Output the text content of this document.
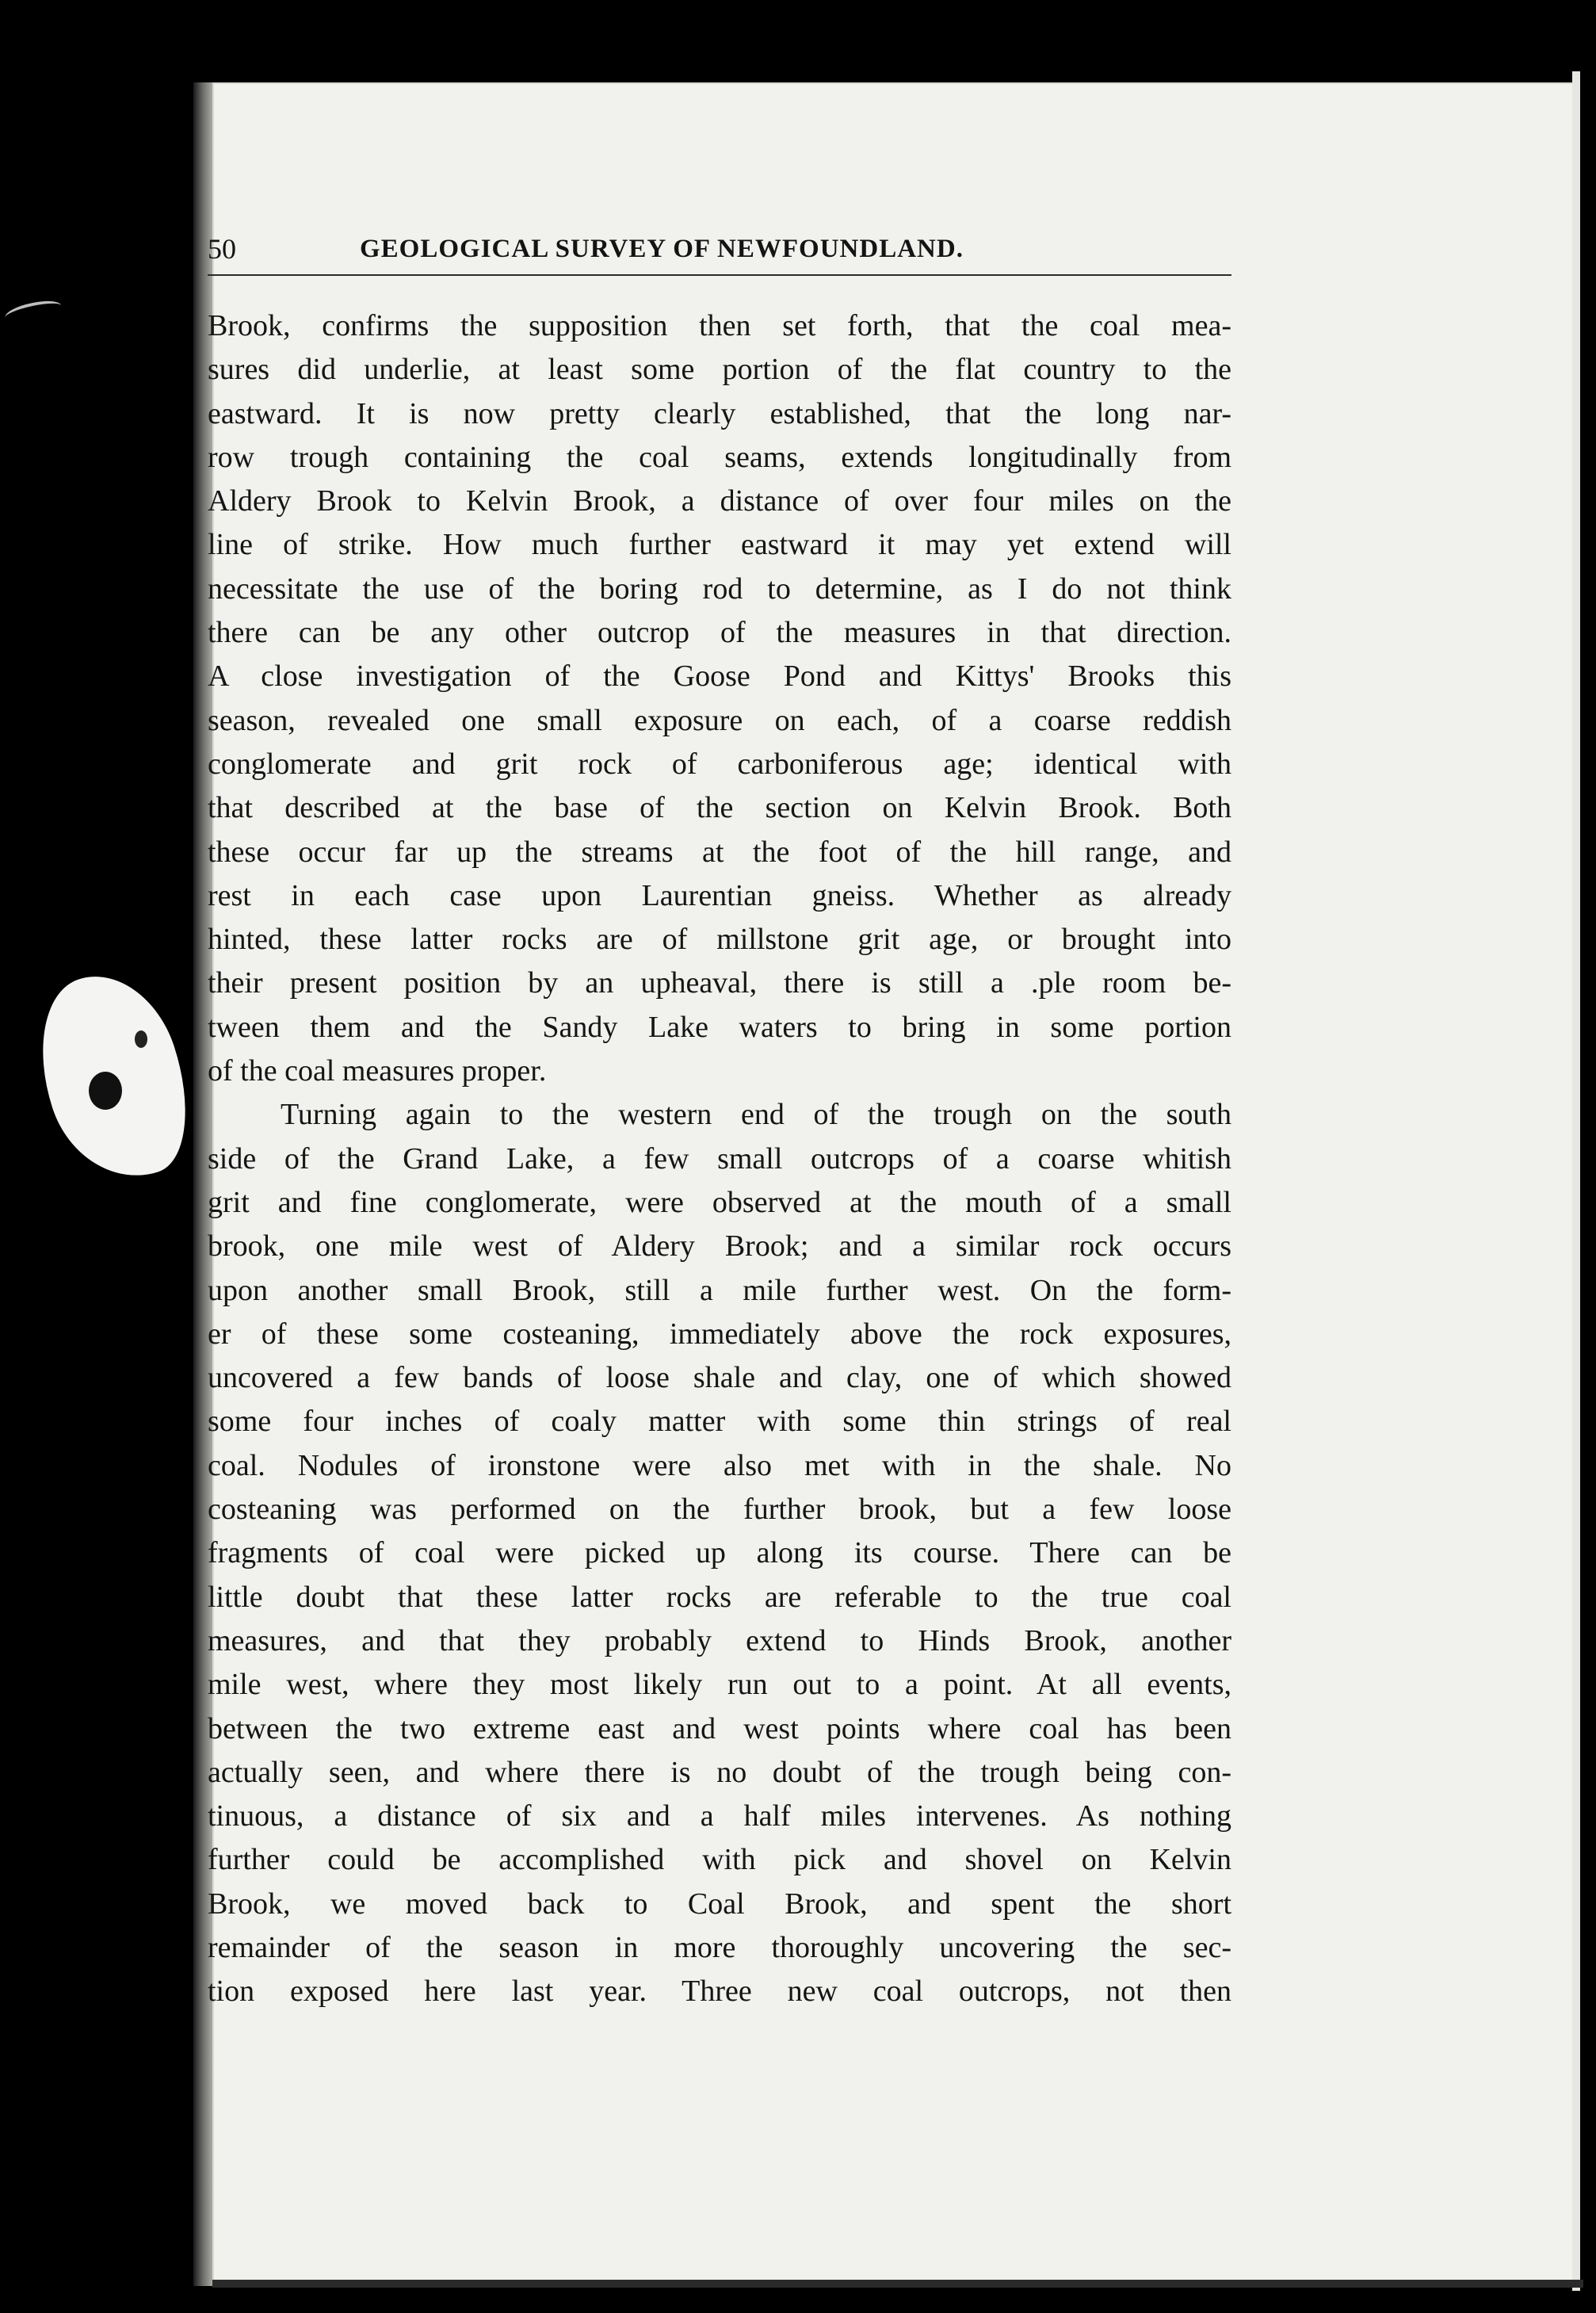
50	GEOLOGICAL SURVEY OF NEWFOUNDLAND.
Brook, confirms the supposition then set forth, that the coal mea-
sures did underlie, at least some portion of the flat country to the
eastward. It is now pretty clearly established, that the long nar-
row trough containing the coal seams, extends longitudinally from
Aldery Brook to Kelvin Brook, a distance of over four miles on the
line of strike. How much further eastward it may yet extend will
necessitate the use of the boring rod to determine, as I do not think
there can be any other outcrop of the measures in that direction.
A close investigation of the Goose Pond and Kittys' Brooks this
season, revealed one small exposure on each, of a coarse reddish
conglomerate and grit rock of carboniferous age; identical with
that described at the base of the section on Kelvin Brook. Both
these occur far up the streams at the foot of the hill range, and
rest in each case upon Laurentian gneiss. Whether as already
hinted, these latter rocks are of millstone grit age, or brought into
their present position by an upheaval, there is still a .ple room be-
tween them and the Sandy Lake waters to bring in some portion
of the coal measures proper.
Turning again to the western end of the trough on the south
side of the Grand Lake, a few small outcrops of a coarse whitish
grit and fine conglomerate, were observed at the mouth of a small
brook, one mile west of Aldery Brook; and a similar rock occurs
upon another small Brook, still a mile further west. On the form-
er of these some costeaning, immediately above the rock exposures,
uncovered a few bands of loose shale and clay, one of which showed
some four inches of coaly matter with some thin strings of real
coal. Nodules of ironstone were also met with in the shale. No
costeaning was performed on the further brook, but a few loose
fragments of coal were picked up along its course. There can be
little doubt that these latter rocks are referable to the true coal
measures, and that they probably extend to Hinds Brook, another
mile west, where they most likely run out to a point. At all events,
between the two extreme east and west points where coal has been
actually seen, and where there is no doubt of the trough being con-
tinuous, a distance of six and a half miles intervenes. As nothing
further could be accomplished with pick and shovel on Kelvin
Brook, we moved back to Coal Brook, and spent the short
remainder of the season in more thoroughly uncovering the sec-
tion exposed here last year. Three new coal outcrops, not then
